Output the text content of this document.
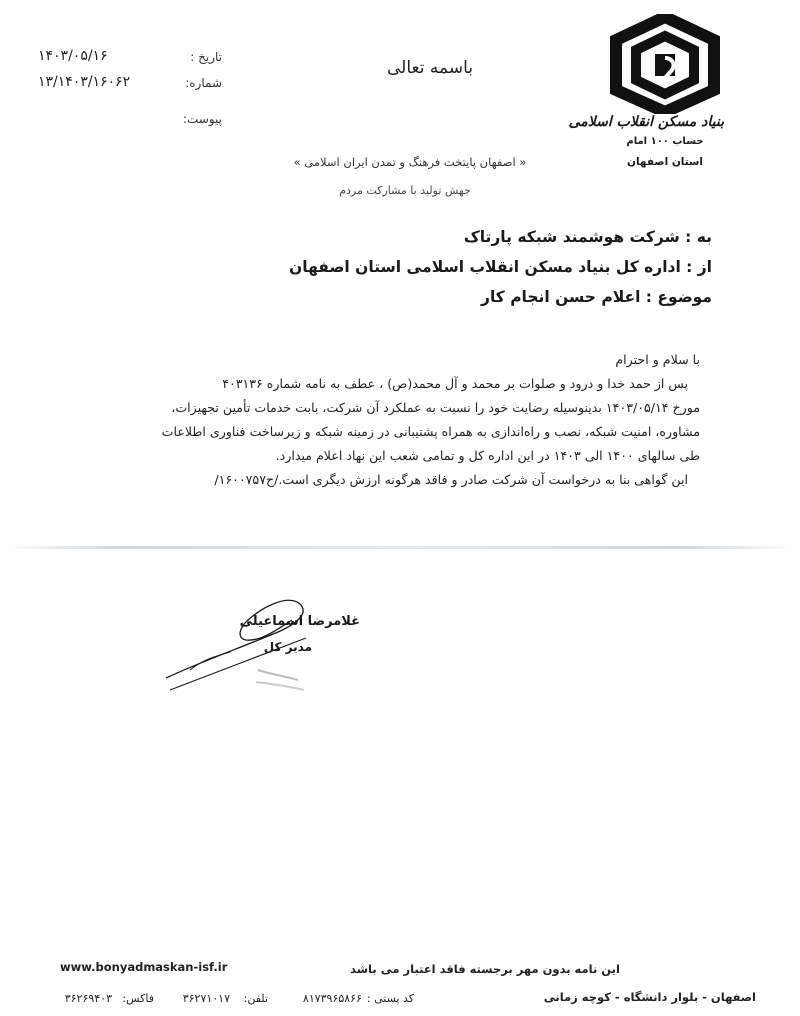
بنیاد مسکن انقلاب اسلامی
حساب ۱۰۰ امام
استان اصفهان
باسمه تعالی
تاریخ :
۱۴۰۳/۰۵/۱۶
شماره:
۱۳/۱۴۰۳/۱۶۰۶۲
پیوست:
« اصفهان پایتخت فرهنگ و تمدن ایران اسلامی »
جهش تولید با مشارکت مردم
به : شرکت هوشمند شبکه پارتاک
از : اداره کل بنیاد مسکن انقلاب اسلامی استان اصفهان
موضوع : اعلام حسن انجام کار

با سلام و احترام

پس از حمد خدا و درود و صلوات بر محمد و آل محمد(ص) ، عطف به نامه شماره ۴۰۳۱۳۶

مورخ ۱۴۰۳/۰۵/۱۴ بدینوسیله رضایت خود را نسبت به عملکرد آن شرکت، بابت خدمات تأمین تجهیزات،

مشاوره، امنیت شبکه، نصب و راه‌اندازی به همراه پشتیبانی در زمینه شبکه و زیرساخت فناوری اطلاعات

طی سالهای ۱۴۰۰ الی ۱۴۰۳ در این اداره کل و تمامی شعب این نهاد اعلام میدارد.

این گواهی بنا به درخواست آن شرکت صادر و فاقد هرگونه ارزش دیگری است./ح۱۶۰۰۷۵۷/

غلامرضا اسماعیلی
مدیر کل
www.bonyadmaskan-isf.ir	این نامه بدون مهر برجسته فاقد اعتبار می باشد
اصفهان - بلوار دانشگاه - کوچه زمانی
کد پستی :
۸۱۷۳۹۶۵۸۶۶
تلفن:
۳۶۲۷۱۰۱۷
فاکس:
۳۶۲۶۹۴۰۳
